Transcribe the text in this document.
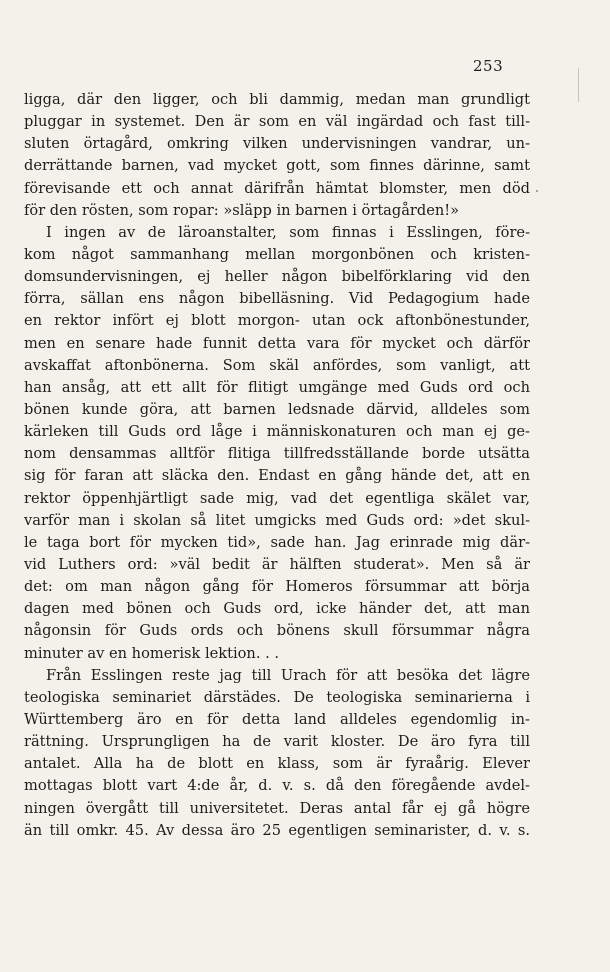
253
ligga, där den ligger, och bli dammig, medan man grundligt
pluggar in systemet. Den är som en väl ingärdad och fast till-
sluten örtagård, omkring vilken undervisningen vandrar, un-
derrättande barnen, vad mycket gott, som finnes därinne, samt
förevisande ett och annat därifrån hämtat blomster, men död
för den rösten, som ropar: »släpp in barnen i örtagården!»
I ingen av de läroanstalter, som finnas i Esslingen, före-
kom något sammanhang mellan morgonbönen och kristen-
domsundervisningen, ej heller någon bibelförklaring vid den
förra, sällan ens någon bibelläsning. Vid Pedagogium hade
en rektor infört ej blott morgon- utan ock aftonbönestunder,
men en senare hade funnit detta vara för mycket och därför
avskaffat aftonbönerna. Som skäl anfördes, som vanligt, att
han ansåg, att ett allt för flitigt umgänge med Guds ord och
bönen kunde göra, att barnen ledsnade därvid, alldeles som
kärleken till Guds ord låge i människonaturen och man ej ge-
nom densammas alltför flitiga tillfredsställande borde utsätta
sig för faran att släcka den. Endast en gång hände det, att en
rektor öppenhjärtligt sade mig, vad det egentliga skälet var,
varför man i skolan så litet umgicks med Guds ord: »det skul-
le taga bort för mycken tid», sade han. Jag erinrade mig där-
vid Luthers ord: »väl bedit är hälften studerat». Men så är
det: om man någon gång för Homeros försummar att börja
dagen med bönen och Guds ord, icke händer det, att man
någonsin för Guds ords och bönens skull försummar några
minuter av en homerisk lektion. . .
Från Esslingen reste jag till Urach för att besöka det lägre
teologiska seminariet därstädes. De teologiska seminarierna i
Württemberg äro en för detta land alldeles egendomlig in-
rättning. Ursprungligen ha de varit kloster. De äro fyra till
antalet. Alla ha de blott en klass, som är fyraårig. Elever
mottagas blott vart 4:de år, d. v. s. då den föregående avdel-
ningen övergått till universitetet. Deras antal får ej gå högre
än till omkr. 45. Av dessa äro 25 egentligen seminarister, d. v. s.
